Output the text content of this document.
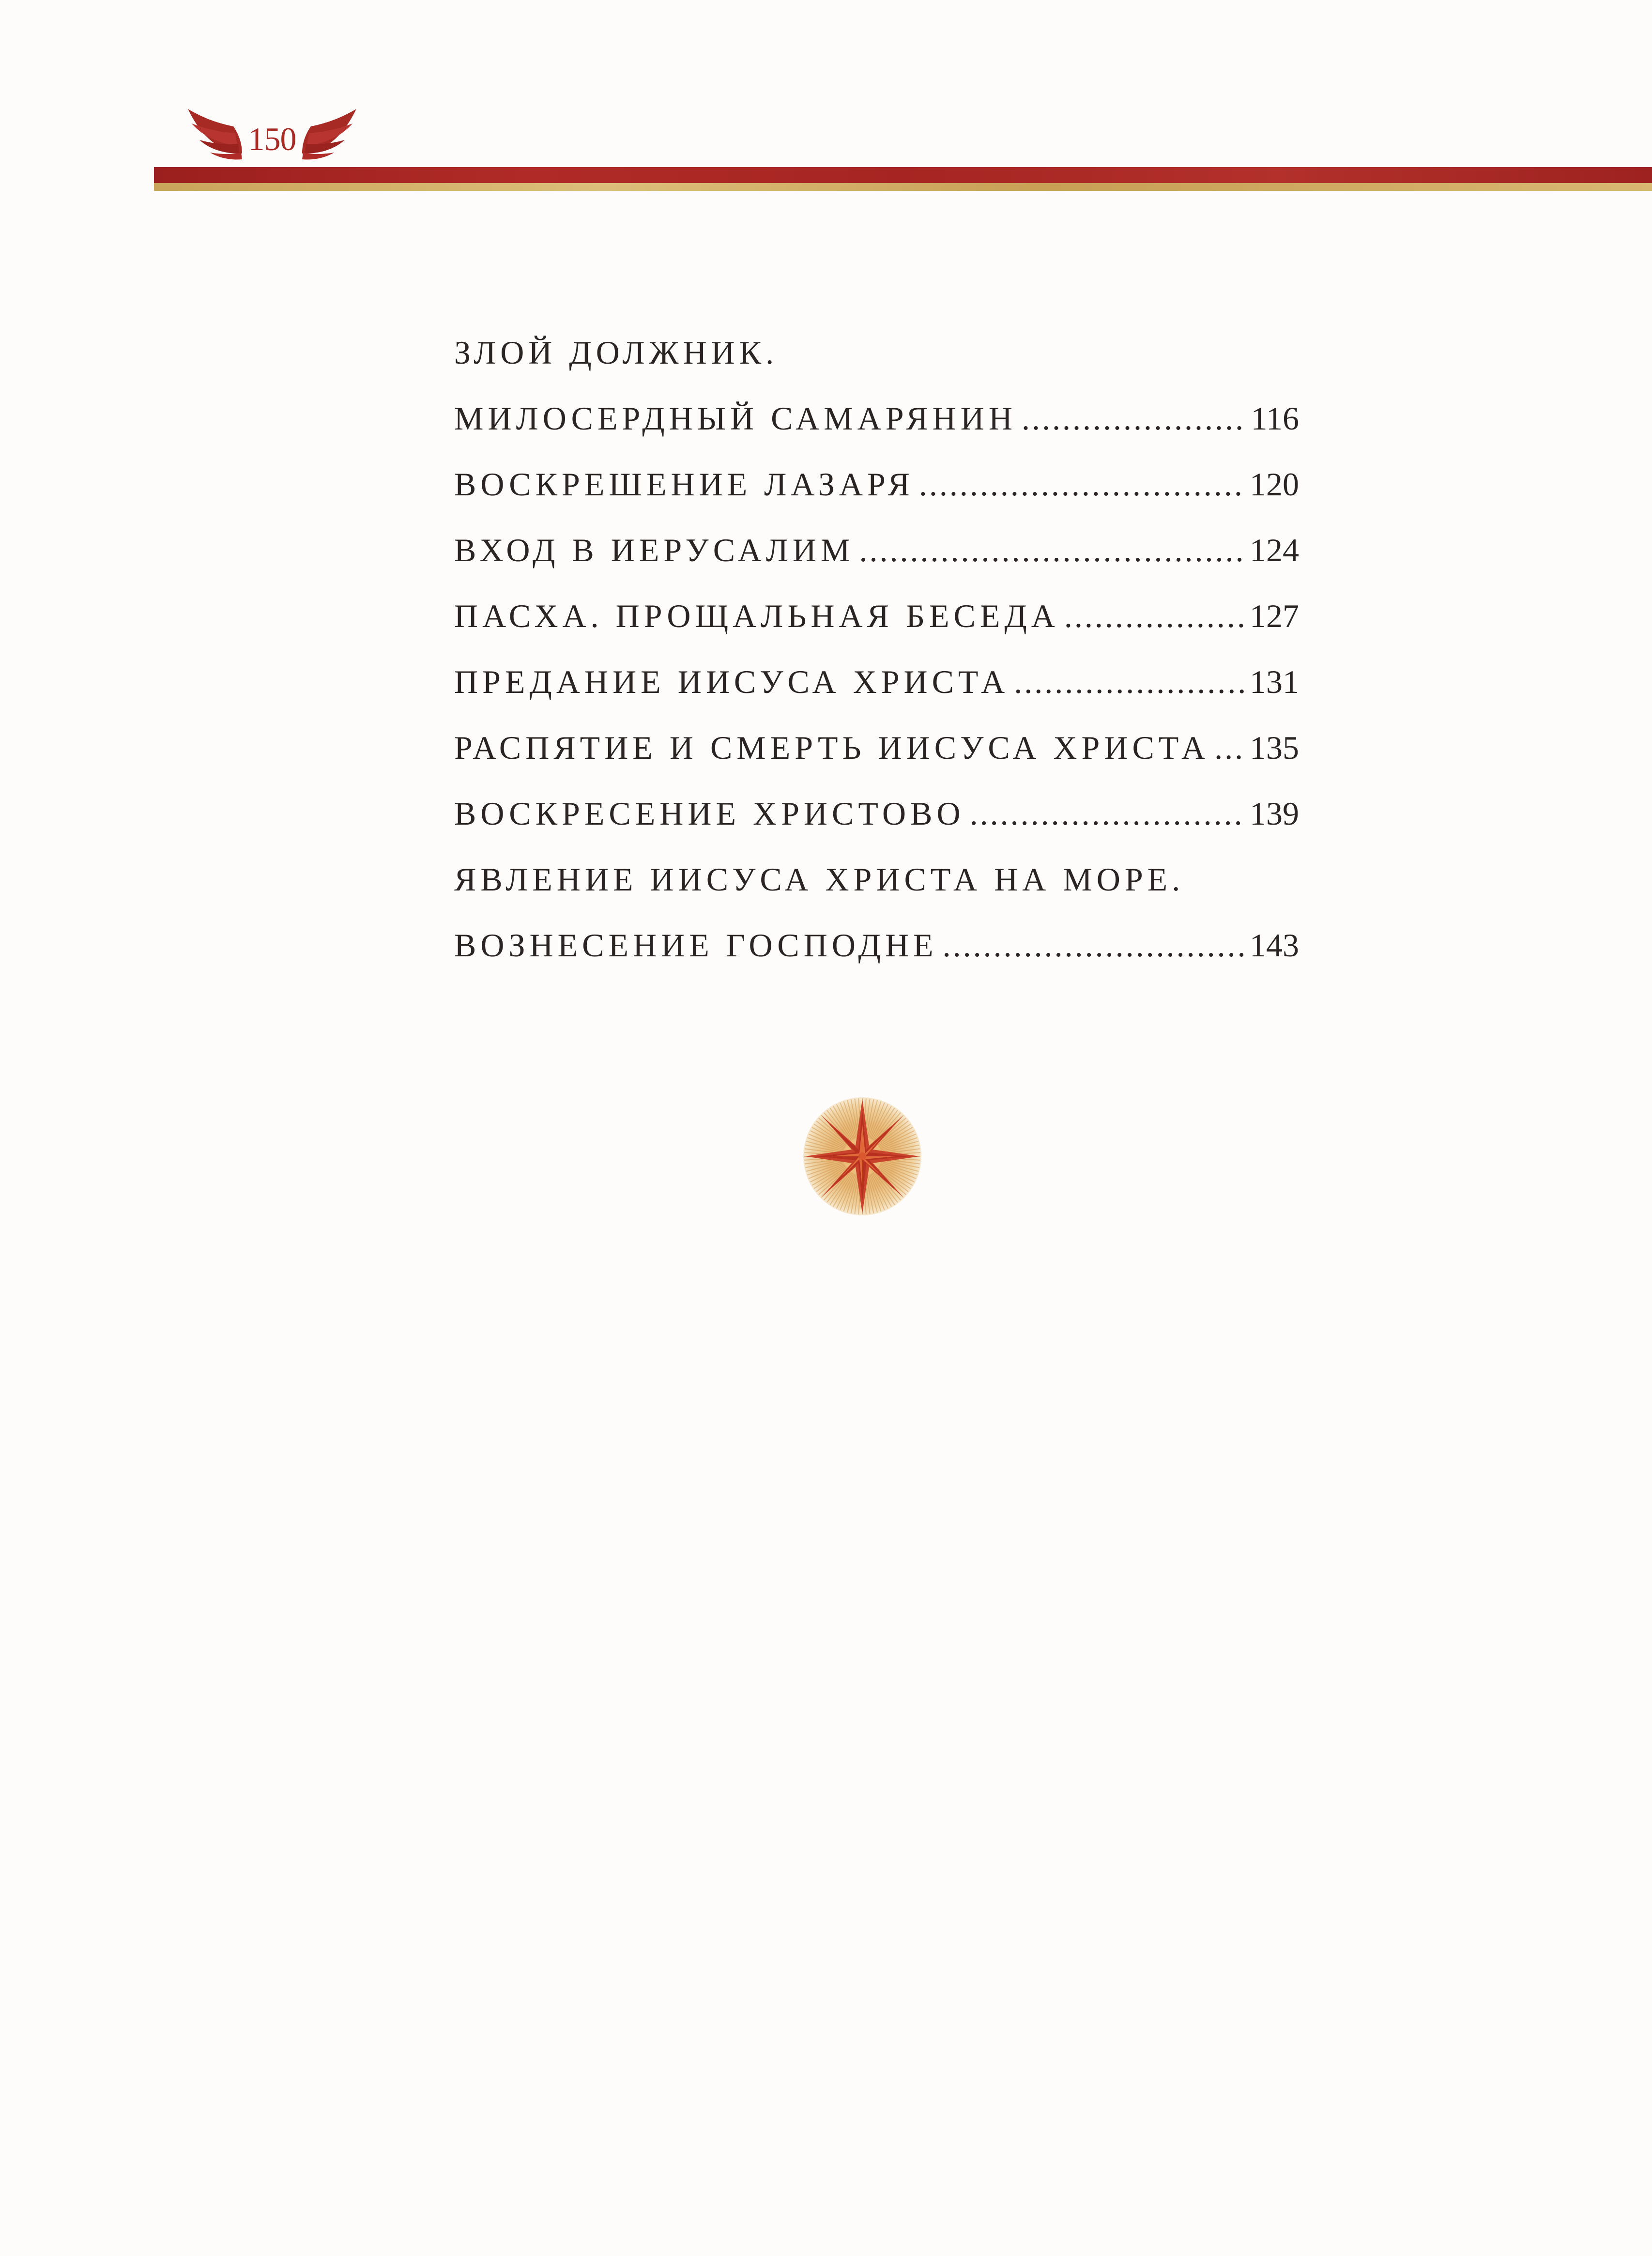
150
ЗЛОЙ ДОЛЖНИК.
МИЛОСЕРДНЫЙ САМАРЯНИН .....	116
ВОСКРЕШЕНИЕ ЛАЗАРЯ .....	120
ВХОД В ИЕРУСАЛИМ .....	124
ПАСХА. ПРОЩАЛЬНАЯ БЕСЕДА .....	127
ПРЕДАНИЕ ИИСУСА ХРИСТА .....	131
РАСПЯТИЕ И СМЕРТЬ ИИСУСА ХРИСТА ..... 135
ВОСКРЕСЕНИЕ ХРИСТОВО .....	139
ЯВЛЕНИЕ ИИСУСА ХРИСТА НА МОРЕ.
ВОЗНЕСЕНИЕ ГОСПОДНЕ .....	143
